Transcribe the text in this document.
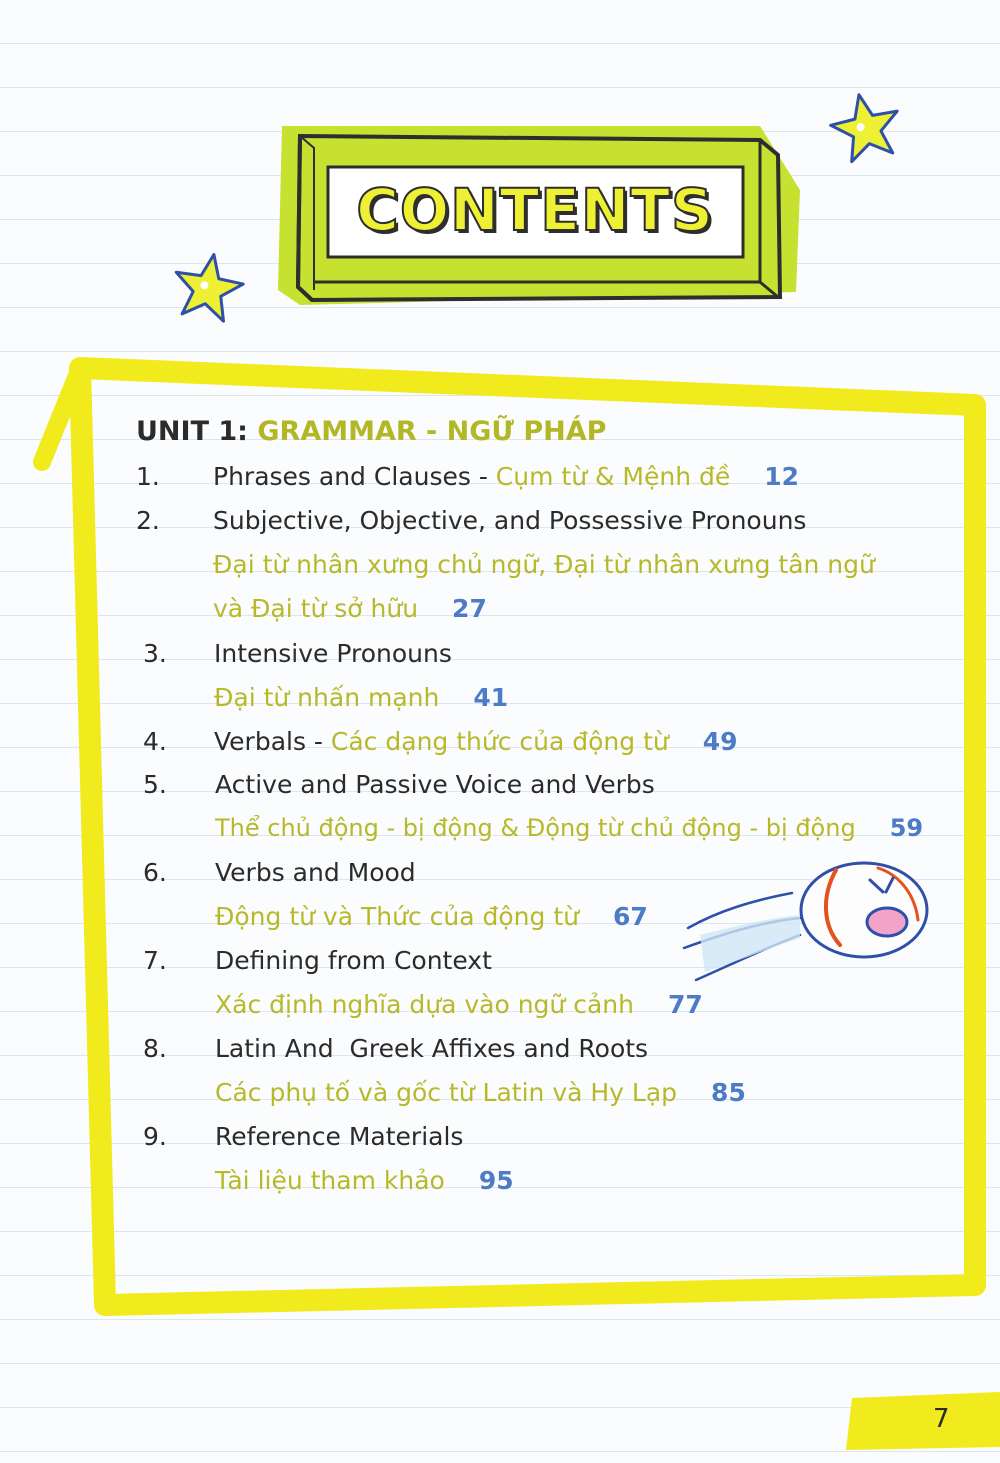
CONTENTS
UNIT 1: GRAMMAR - NGỮ PHÁP
1. Phrases and Clauses - Cụm từ & Mệnh đề 12
2. Subjective, Objective, and Possessive Pronouns
Đại từ nhân xưng chủ ngữ, Đại từ nhân xưng tân ngữ
và Đại từ sở hữu 27
3. Intensive Pronouns
Đại từ nhấn mạnh 41
4. Verbals - Các dạng thức của động từ 49
5. Active and Passive Voice and Verbs
Thể chủ động - bị động & Động từ chủ động - bị động 59
6. Verbs and Mood
Động từ và Thức của động từ 67
7. Defining from Context
Xác định nghĩa dựa vào ngữ cảnh 77
8. Latin And  Greek Affixes and Roots
Các phụ tố và gốc từ Latin và Hy Lạp 85
9. Reference Materials
Tài liệu tham khảo 95
7
